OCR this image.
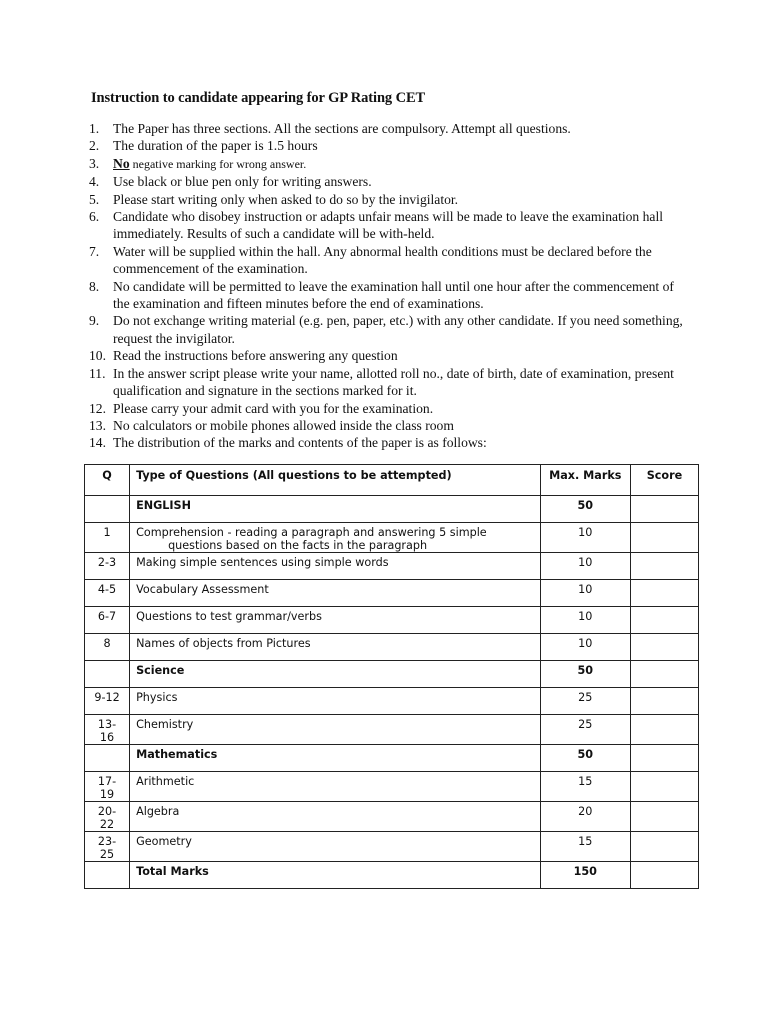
Instruction to candidate appearing for GP Rating CET
1. The Paper has three sections. All the sections are compulsory. Attempt all questions.
2. The duration of the paper is 1.5 hours
3. No negative marking for wrong answer.
4. Use black or blue pen only for writing answers.
5. Please start writing only when asked to do so by the invigilator.
6. Candidate who disobey instruction or adapts unfair means will be made to leave the examination hall immediately. Results of such a candidate will be with-held.
7. Water will be supplied within the hall. Any abnormal health conditions must be declared before the commencement of the examination.
8. No candidate will be permitted to leave the examination hall until one hour after the commencement of the examination and fifteen minutes before the end of examinations.
9. Do not exchange writing material (e.g. pen, paper, etc.) with any other candidate. If you need something, request the invigilator.
10. Read the instructions before answering any question
11. In the answer script please write your name, allotted roll no., date of birth, date of examination, present qualification and signature in the sections marked for it.
12. Please carry your admit card with you for the examination.
13. No calculators or mobile phones allowed inside the class room
14. The distribution of the marks and contents of the paper is as follows:
Q	Type of Questions (All questions to be attempted)	Max. Marks	Score
	ENGLISH	50	
1	Comprehension - reading a paragraph and answering 5 simple
questions based on the facts in the paragraph	10	
2-3	Making simple sentences using simple words	10	
4-5	Vocabulary Assessment	10	
6-7	Questions to test grammar/verbs	10	
8	Names of objects from Pictures	10	
	Science	50	
9-12	Physics	25	
13-16	Chemistry	25	
	Mathematics	50	
17-19	Arithmetic	15	
20-22	Algebra	20	
23-25	Geometry	15	
	Total Marks	150	
